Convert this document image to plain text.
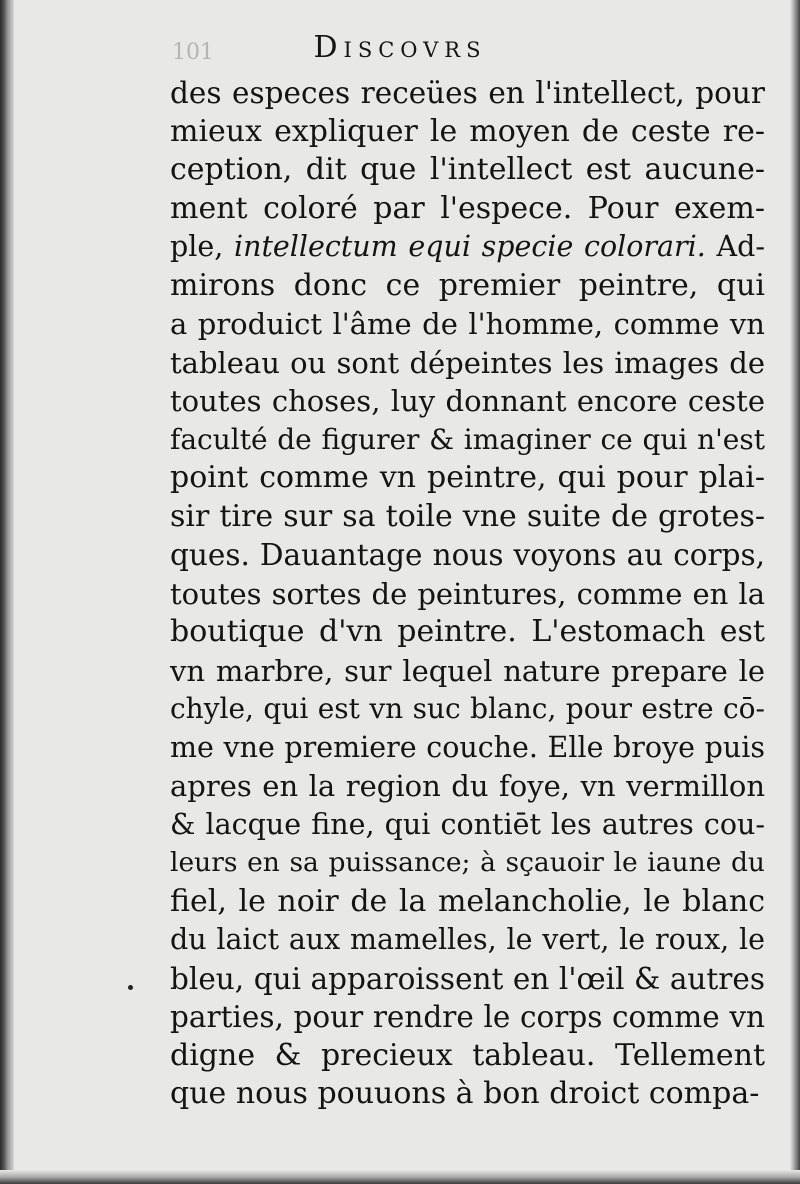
101	Discovrs
des especes receües en l'intellect, pour
mieux expliquer le moyen de ceste re-
ception, dit que l'intellect est aucune-
ment coloré par l'espece. Pour exem-
ple, intellectum equi specie colorari. Ad-
mirons donc ce premier peintre, qui
a produict l'âme de l'homme, comme vn
tableau ou sont dépeintes les images de
toutes choses, luy donnant encore ceste
faculté de figurer & imaginer ce qui n'est
point comme vn peintre, qui pour plai-
sir tire sur sa toile vne suite de grotes-
ques. Dauantage nous voyons au corps,
toutes sortes de peintures, comme en la
boutique d'vn peintre. L'estomach est
vn marbre, sur lequel nature prepare le
chyle, qui est vn suc blanc, pour estre cō-
me vne premiere couche. Elle broye puis
apres en la region du foye, vn vermillon
& lacque fine, qui contiēt les autres cou-
leurs en sa puissance; à sçauoir le iaune du
fiel, le noir de la melancholie, le blanc
du laict aux mamelles, le vert, le roux, le
bleu, qui apparoissent en l'œil & autres
parties, pour rendre le corps comme vn
digne & precieux tableau. Tellement
que nous pouuons à bon droict compa-
